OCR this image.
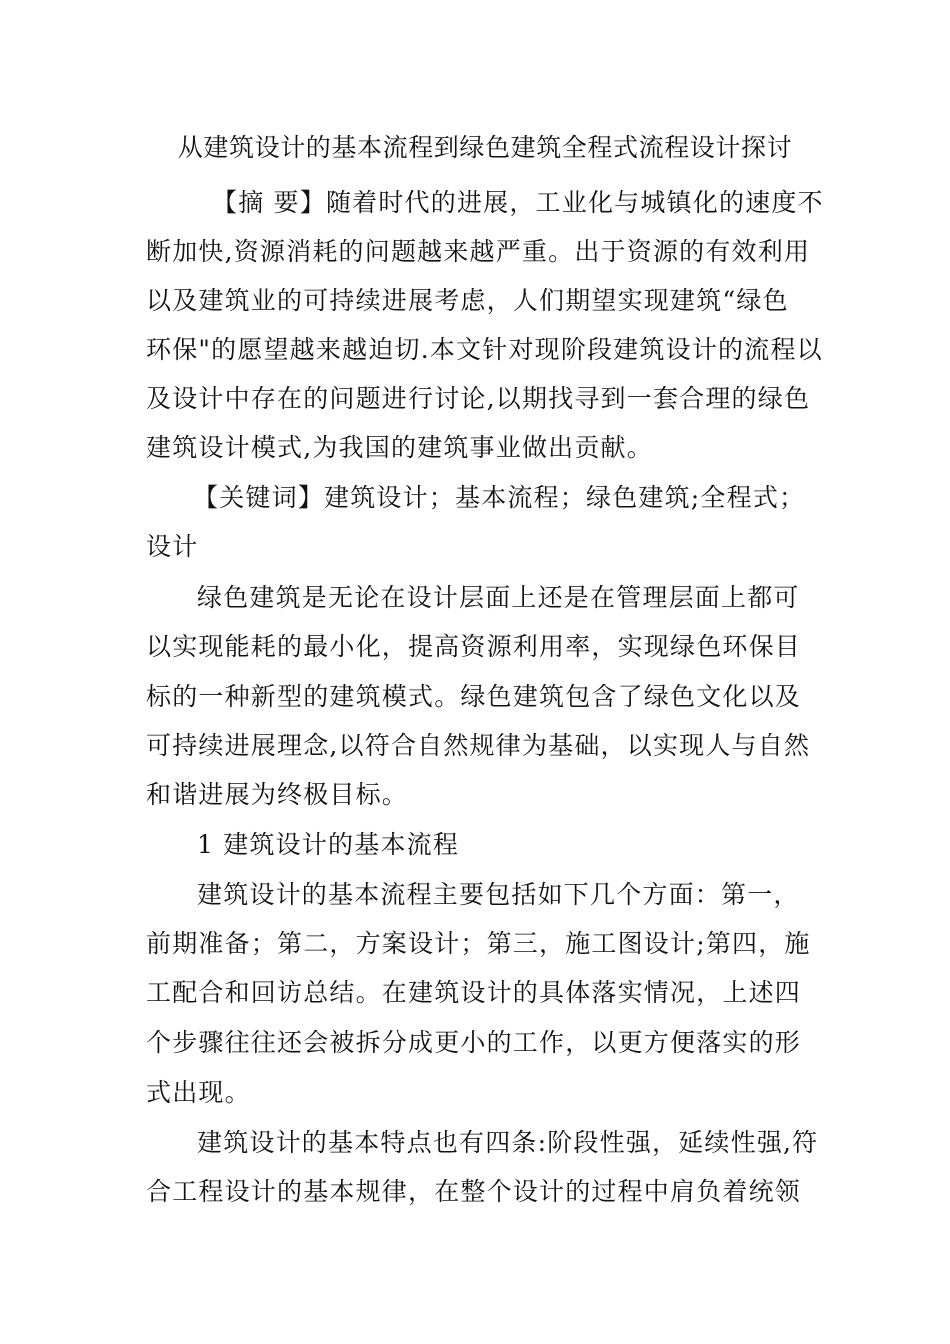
从建筑设计的基本流程到绿色建筑全程式流程设计探讨
【摘 要】随着时代的进展，工业化与城镇化的速度不
断加快,资源消耗的问题越来越严重。出于资源的有效利用
以及建筑业的可持续进展考虑，人们期望实现建筑“绿色
环保"的愿望越来越迫切.本文针对现阶段建筑设计的流程以
及设计中存在的问题进行讨论,以期找寻到一套合理的绿色
建筑设计模式,为我国的建筑事业做出贡献。
【关键词】建筑设计；基本流程；绿色建筑;全程式；
设计
绿色建筑是无论在设计层面上还是在管理层面上都可
以实现能耗的最小化，提高资源利用率，实现绿色环保目
标的一种新型的建筑模式。绿色建筑包含了绿色文化以及
可持续进展理念,以符合自然规律为基础，以实现人与自然
和谐进展为终极目标。
1 建筑设计的基本流程
建筑设计的基本流程主要包括如下几个方面：第一，
前期准备；第二，方案设计；第三，施工图设计;第四，施
工配合和回访总结。在建筑设计的具体落实情况，上述四
个步骤往往还会被拆分成更小的工作，以更方便落实的形
式出现。
建筑设计的基本特点也有四条:阶段性强，延续性强,符
合工程设计的基本规律，在整个设计的过程中肩负着统领
